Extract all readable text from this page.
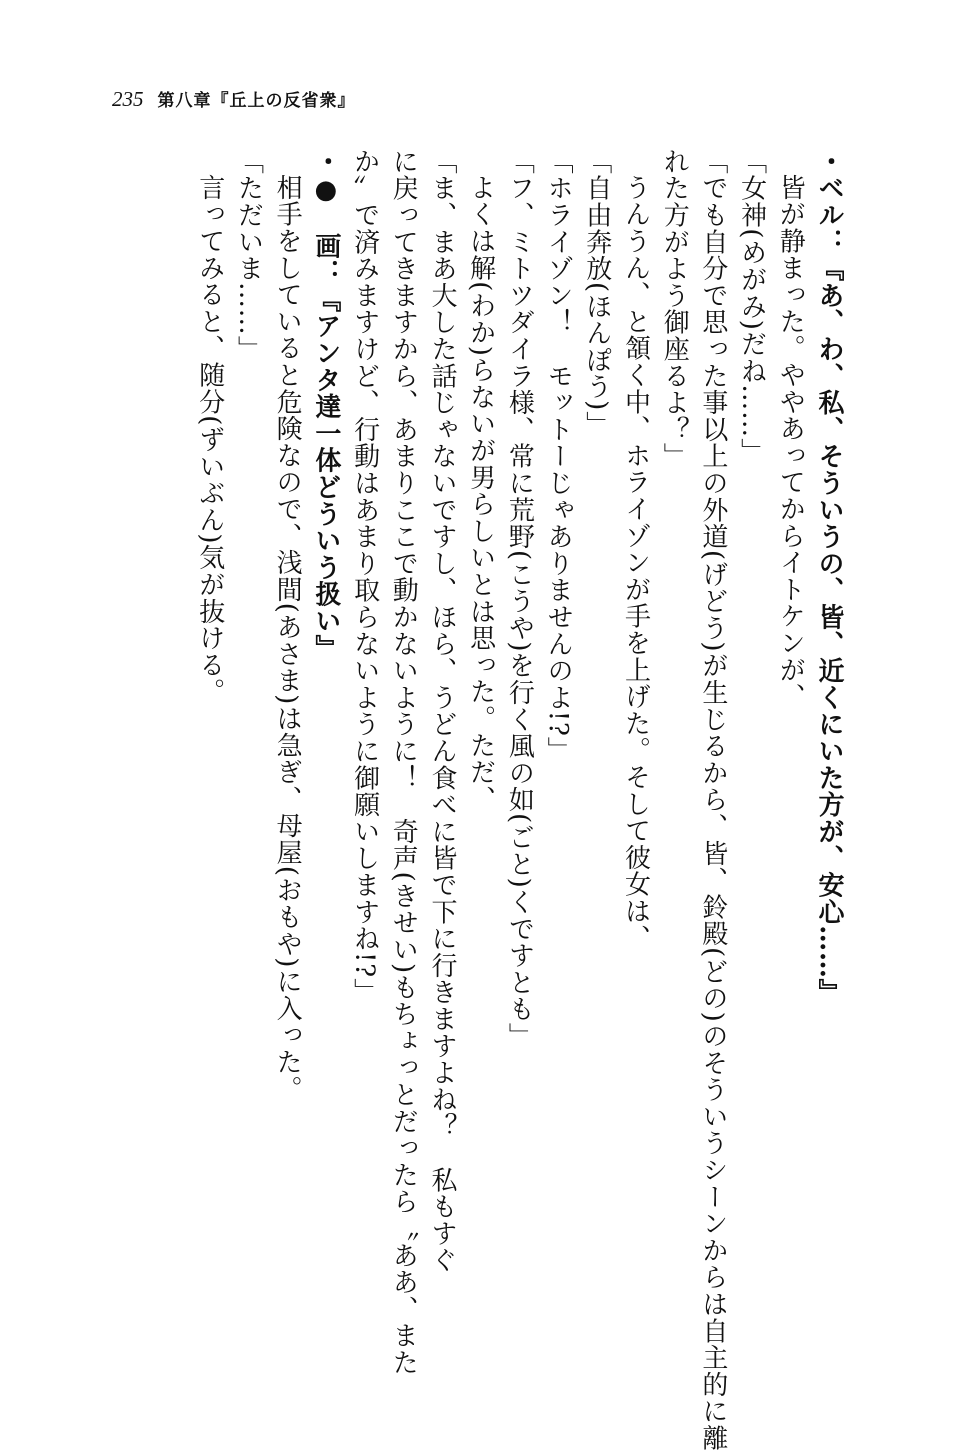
235 第八章『丘上の反省衆』
・ベル：『あ、わ、私、そういうの、皆、近くにいた方が、安心……』
皆が静まった。ややあってからイトケンが、
「女神(めがみ)だね……」
「でも自分で思った事以上の外道(げどう)が生じるから、皆、鈴殿(どの)のそういうシーンからは自主的に離
れた方がよう御座るよ？」
うんうん、と頷く中、ホライゾンが手を上げた。そして彼女は、
「自由奔放(ほんぽう)」
「ホライゾン！　モットーじゃありませんのよ!?」
「フ、ミトツダイラ様、常に荒野(こうや)を行く風の如(ごと)くですとも」
よくは解(わか)らないが男らしいとは思った。ただ、
「ま、まあ大した話じゃないですし、ほら、うどん食べに皆で下に行きますよね？　私もすぐ
に戻ってきますから、あまりここで動かないように！　奇声(きせい)もちょっとだったら〝ああ、また
か〟で済みますけど、行動はあまり取らないように御願いしますね!?」
・●　画：『アンタ達一体どういう扱い』
相手をしていると危険なので、浅間(あさま)は急ぎ、母屋(おもや)に入った。
「ただいま……」
言ってみると、随分(ずいぶん)気が抜ける。
